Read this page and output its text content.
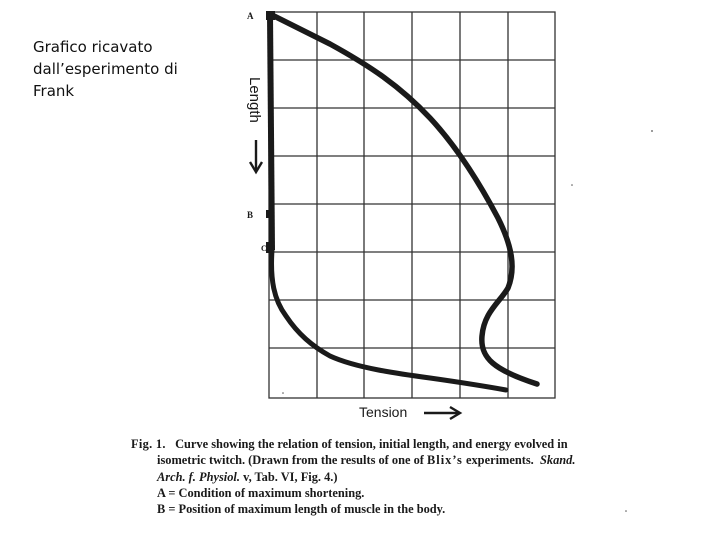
Grafico ricavato
dall’esperimento di
Frank
A
B
C
Length
Tension
Fig. 1. Curve showing the relation of tension, initial length, and energy evolved in
isometric twitch. (Drawn from the results of one of Blix’s experiments. Skand.
Arch. f. Physiol. v, Tab. VI, Fig. 4.)
A = Condition of maximum shortening.
B = Position of maximum length of muscle in the body.
